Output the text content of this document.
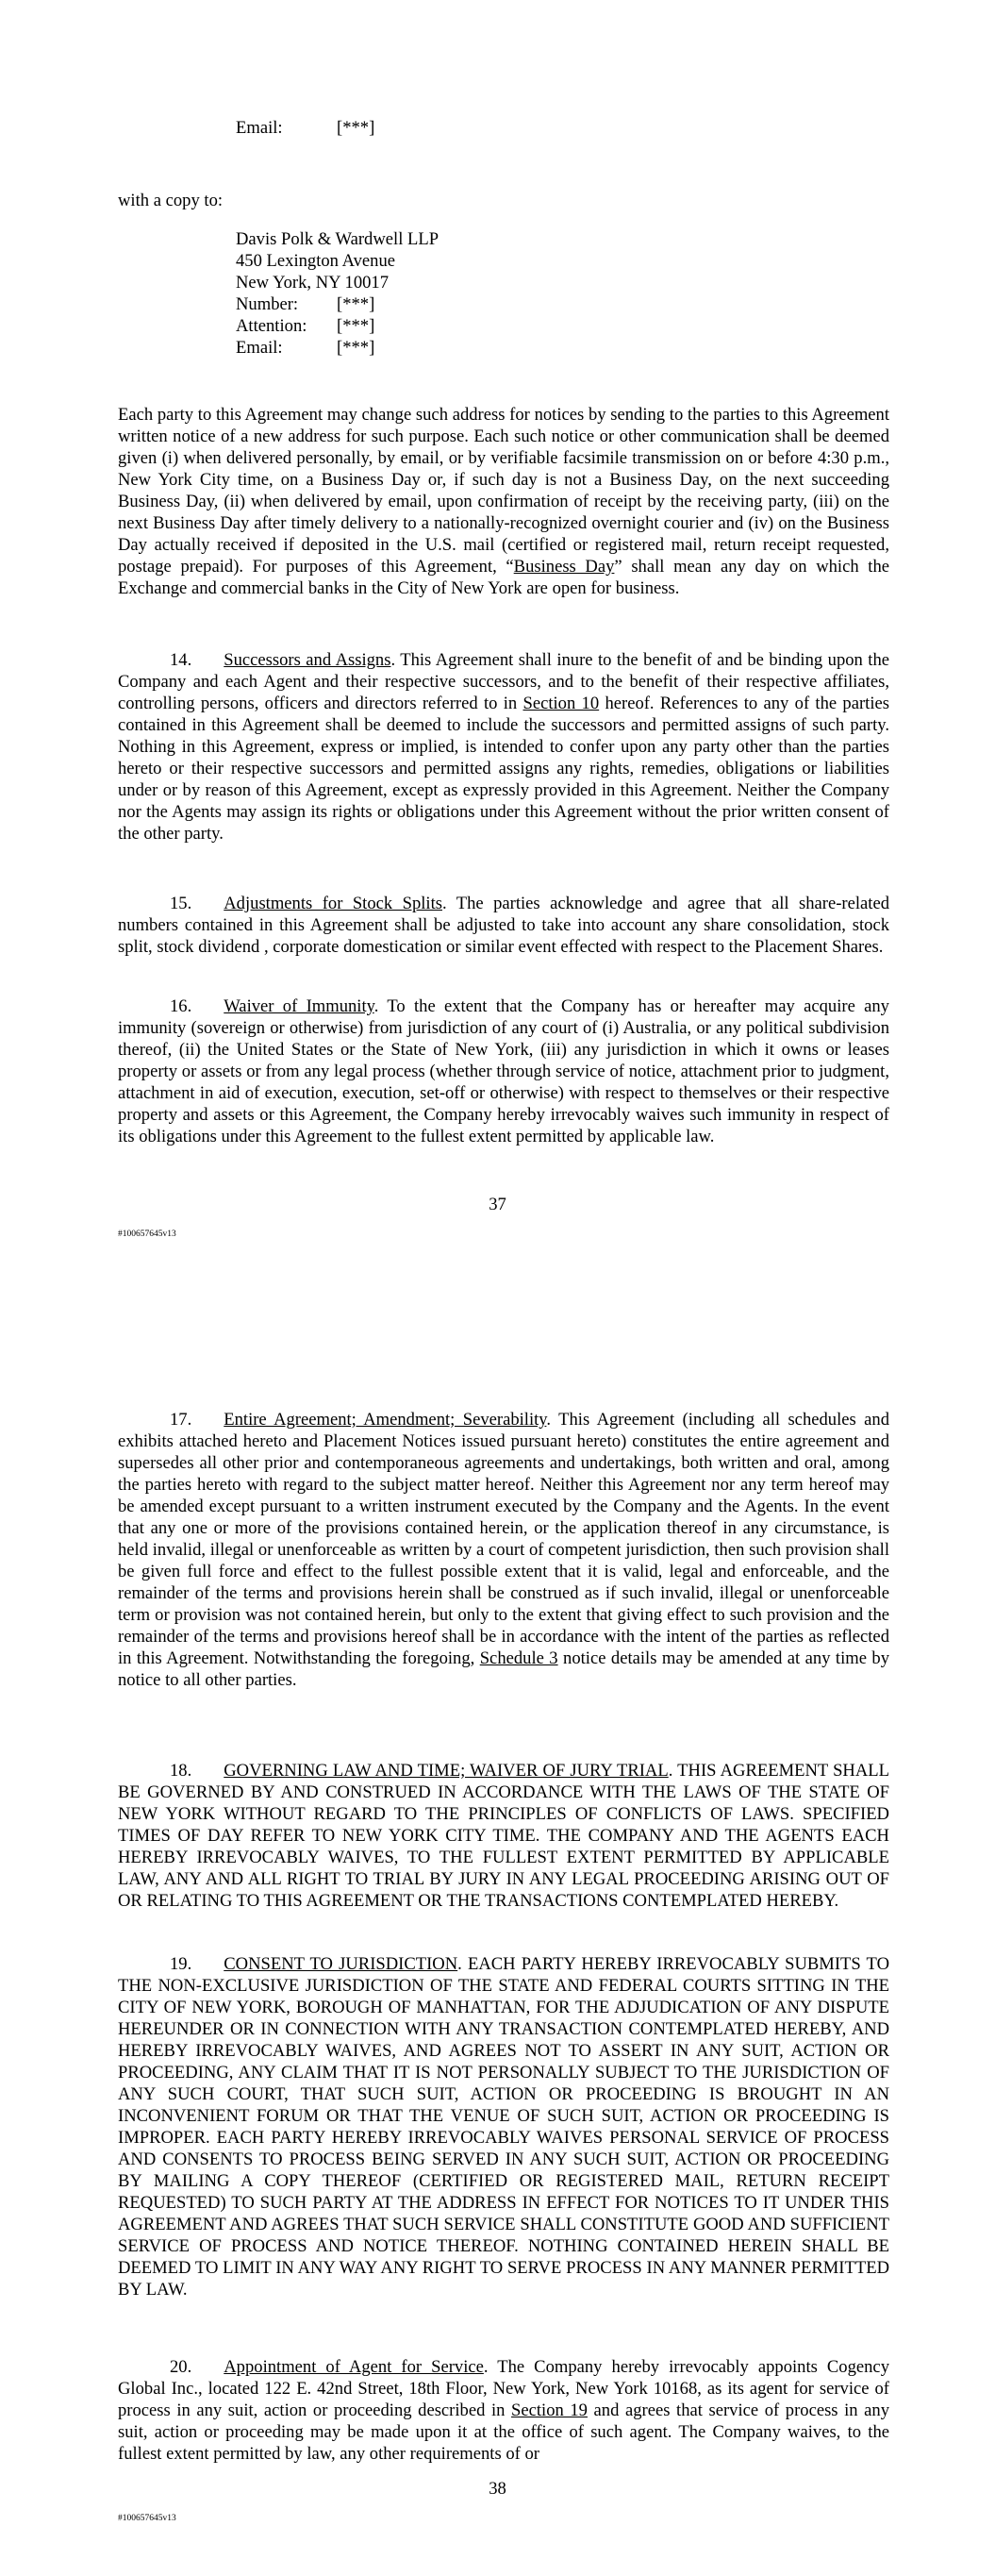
Email:	[***]
with a copy to:
Davis Polk & Wardwell LLP
450 Lexington Avenue
New York, NY 10017
Number: [***]
Attention: [***]
Email:	[***]

Each party to this Agreement may change such address for notices by sending to the parties to this Agreement written notice of a new address for such purpose. Each such notice or other communication shall be deemed given (i) when delivered personally, by email, or by verifiable facsimile transmission on or before 4:30 p.m., New York City time, on a Business Day or, if such day is not a Business Day, on the next succeeding Business Day, (ii) when delivered by email, upon confirmation of receipt by the receiving party, (iii) on the next Business Day after timely delivery to a nationally-recognized overnight courier and (iv) on the Business Day actually received if deposited in the U.S. mail (certified or registered mail, return receipt requested, postage prepaid). For purposes of this Agreement, “Business Day” shall mean any day on which the Exchange and commercial banks in the City of New York are open for business.

14. Successors and Assigns. This Agreement shall inure to the benefit of and be binding upon the Company and each Agent and their respective successors, and to the benefit of their respective affiliates, controlling persons, officers and directors referred to in Section 10 hereof. References to any of the parties contained in this Agreement shall be deemed to include the successors and permitted assigns of such party. Nothing in this Agreement, express or implied, is intended to confer upon any party other than the parties hereto or their respective successors and permitted assigns any rights, remedies, obligations or liabilities under or by reason of this Agreement, except as expressly provided in this Agreement. Neither the Company nor the Agents may assign its rights or obligations under this Agreement without the prior written consent of the other party.

15. Adjustments for Stock Splits. The parties acknowledge and agree that all share-related numbers contained in this Agreement shall be adjusted to take into account any share consolidation, stock split, stock dividend , corporate domestication or similar event effected with respect to the Placement Shares.

16. Waiver of Immunity. To the extent that the Company has or hereafter may acquire any immunity (sovereign or otherwise) from jurisdiction of any court of (i) Australia, or any political subdivision thereof, (ii) the United States or the State of New York, (iii) any jurisdiction in which it owns or leases property or assets or from any legal process (whether through service of notice, attachment prior to judgment, attachment in aid of execution, execution, set-off or otherwise) with respect to themselves or their respective property and assets or this Agreement, the Company hereby irrevocably waives such immunity in respect of its obligations under this Agreement to the fullest extent permitted by applicable law.

37
#100657645v13

17. Entire Agreement; Amendment; Severability. This Agreement (including all schedules and exhibits attached hereto and Placement Notices issued pursuant hereto) constitutes the entire agreement and supersedes all other prior and contemporaneous agreements and undertakings, both written and oral, among the parties hereto with regard to the subject matter hereof. Neither this Agreement nor any term hereof may be amended except pursuant to a written instrument executed by the Company and the Agents. In the event that any one or more of the provisions contained herein, or the application thereof in any circumstance, is held invalid, illegal or unenforceable as written by a court of competent jurisdiction, then such provision shall be given full force and effect to the fullest possible extent that it is valid, legal and enforceable, and the remainder of the terms and provisions herein shall be construed as if such invalid, illegal or unenforceable term or provision was not contained herein, but only to the extent that giving effect to such provision and the remainder of the terms and provisions hereof shall be in accordance with the intent of the parties as reflected in this Agreement. Notwithstanding the foregoing, Schedule 3 notice details may be amended at any time by notice to all other parties.

18. GOVERNING LAW AND TIME; WAIVER OF JURY TRIAL. THIS AGREEMENT SHALL BE GOVERNED BY AND CONSTRUED IN ACCORDANCE WITH THE LAWS OF THE STATE OF NEW YORK WITHOUT REGARD TO THE PRINCIPLES OF CONFLICTS OF LAWS. SPECIFIED TIMES OF DAY REFER TO NEW YORK CITY TIME. THE COMPANY AND THE AGENTS EACH HEREBY IRREVOCABLY WAIVES, TO THE FULLEST EXTENT PERMITTED BY APPLICABLE LAW, ANY AND ALL RIGHT TO TRIAL BY JURY IN ANY LEGAL PROCEEDING ARISING OUT OF OR RELATING TO THIS AGREEMENT OR THE TRANSACTIONS CONTEMPLATED HEREBY.

19. CONSENT TO JURISDICTION. EACH PARTY HEREBY IRREVOCABLY SUBMITS TO THE NON-EXCLUSIVE JURISDICTION OF THE STATE AND FEDERAL COURTS SITTING IN THE CITY OF NEW YORK, BOROUGH OF MANHATTAN, FOR THE ADJUDICATION OF ANY DISPUTE HEREUNDER OR IN CONNECTION WITH ANY TRANSACTION CONTEMPLATED HEREBY, AND HEREBY IRREVOCABLY WAIVES, AND AGREES NOT TO ASSERT IN ANY SUIT, ACTION OR PROCEEDING, ANY CLAIM THAT IT IS NOT PERSONALLY SUBJECT TO THE JURISDICTION OF ANY SUCH COURT, THAT SUCH SUIT, ACTION OR PROCEEDING IS BROUGHT IN AN INCONVENIENT FORUM OR THAT THE VENUE OF SUCH SUIT, ACTION OR PROCEEDING IS IMPROPER. EACH PARTY HEREBY IRREVOCABLY WAIVES PERSONAL SERVICE OF PROCESS AND CONSENTS TO PROCESS BEING SERVED IN ANY SUCH SUIT, ACTION OR PROCEEDING BY MAILING A COPY THEREOF (CERTIFIED OR REGISTERED MAIL, RETURN RECEIPT REQUESTED) TO SUCH PARTY AT THE ADDRESS IN EFFECT FOR NOTICES TO IT UNDER THIS AGREEMENT AND AGREES THAT SUCH SERVICE SHALL CONSTITUTE GOOD AND SUFFICIENT SERVICE OF PROCESS AND NOTICE THEREOF. NOTHING CONTAINED HEREIN SHALL BE DEEMED TO LIMIT IN ANY WAY ANY RIGHT TO SERVE PROCESS IN ANY MANNER PERMITTED BY LAW.

20. Appointment of Agent for Service. The Company hereby irrevocably appoints Cogency Global Inc., located 122 E. 42nd Street, 18th Floor, New York, New York 10168, as its agent for service of process in any suit, action or proceeding described in Section 19 and agrees that service of process in any suit, action or proceeding may be made upon it at the office of such agent. The Company waives, to the fullest extent permitted by law, any other requirements of or

38
#100657645v13
